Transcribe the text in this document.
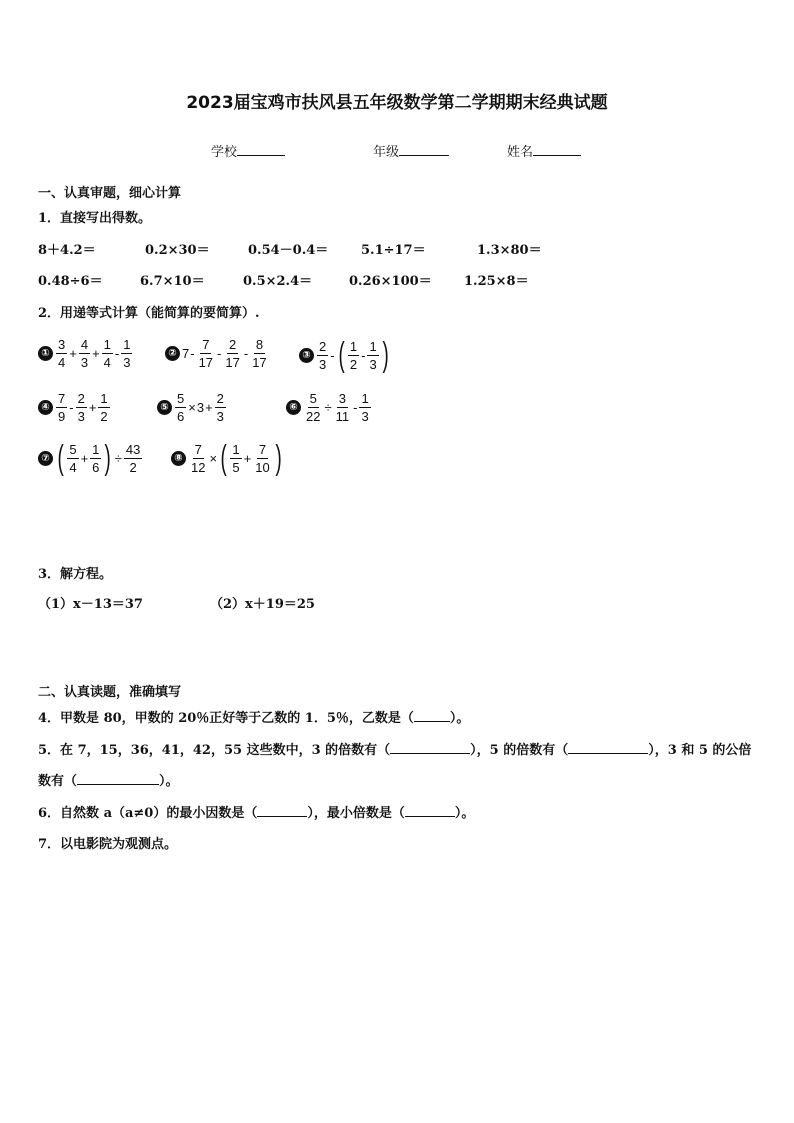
2023届宝鸡市扶风县五年级数学第二学期期末经典试题
学校	年级	姓名
一、认真审题，细心计算
1．直接写出得数。
8＋4.2＝	0.2×30＝	0.54－0.4＝	5.1÷17＝	1.3×80＝
0.48÷6＝	6.7×10＝	0.5×2.4＝	0.26×100＝ 1.25×8＝
2．用递等式计算（能简算的要简算）.
① $\frac{3}{4} + \frac{4}{3} + \frac{1}{4} - \frac{1}{3}$	② $7 - \frac{7}{17} - \frac{2}{17} - \frac{8}{17}$	③ $\frac{2}{3}$ - ( $\frac{1}{2} - \frac{1}{3}$ )
④ $\frac{7}{9} - \frac{2}{3} + \frac{1}{2}$	⑤ $\frac{5}{6} \times 3 + \frac{2}{3}$	⑥ $\frac{5}{22} \div \frac{3}{11} - \frac{1}{3}$
⑦ ( $\frac{5}{4} + \frac{1}{6}$ ) ÷ $\frac{43}{2}$	⑧ $\frac{7}{12}$ × ( $\frac{1}{5} + \frac{7}{10}$ )
3．解方程。
（1）x－13＝37	（2）x＋19＝25
二、认真读题，准确填写
4．甲数是 80，甲数的 20％正好等于乙数的 1．5％，乙数是（	）。
5．在 7，15，36，41，42，55 这些数中，3 的倍数有（	），5 的倍数有（	），3 和 5 的公倍
数有（	）。
6．自然数 a（a≠0）的最小因数是（	），最小倍数是（	）。
7．以电影院为观测点。
